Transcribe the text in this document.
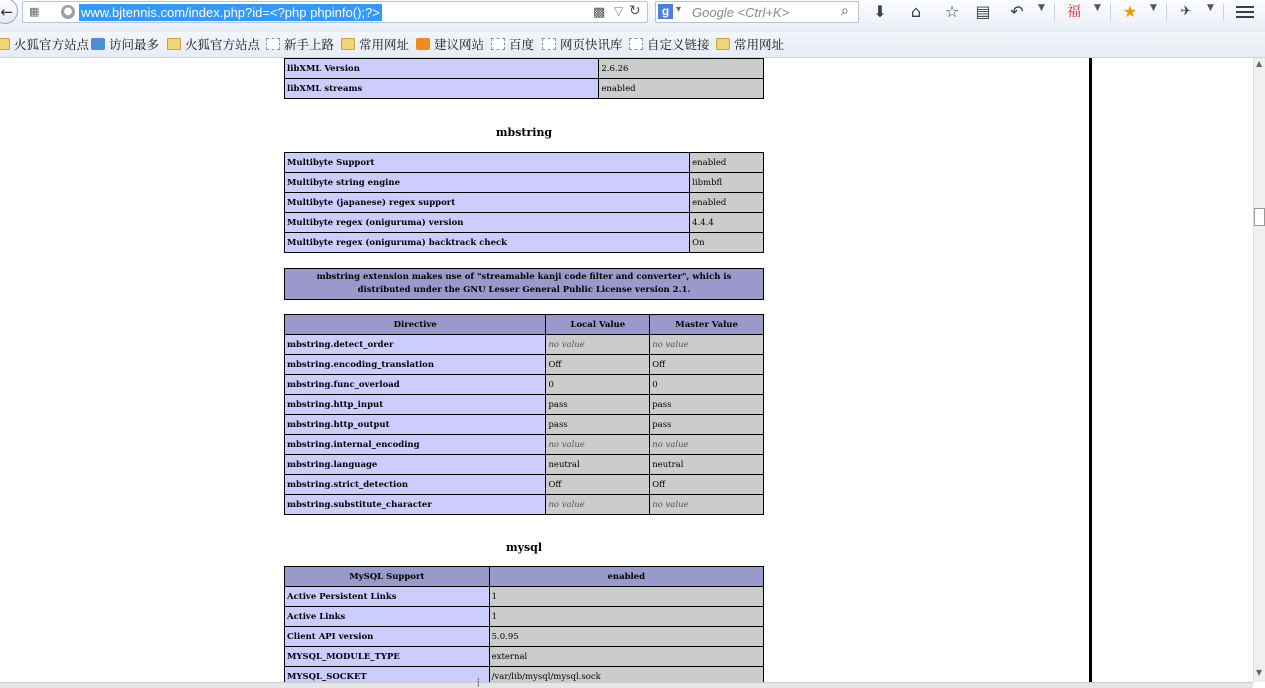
←	▦ ● www.bjtennis.com/index.php?id=<?php phpinfo();?>	▩ ▽ ↻	g ▾ Google <Ctrl+K>	⌕ ⬇	⌂	☆ ▤ ↶	▼ 福	▼ ★	▼	✈	▼
火狐官方站点	访问最多	火狐官方站点	新手上路	常用网址	建议网站	百度	网页快讯库	自定义链接	常用网址
libXML Version	2.6.26
libXML streams	enabled
mbstring
Multibyte Support	enabled
Multibyte string engine	libmbfl
Multibyte (japanese) regex support	enabled
Multibyte regex (oniguruma) version	4.4.4
Multibyte regex (oniguruma) backtrack check	On
mbstring extension makes use of "streamable kanji code filter and converter", which is
distributed under the GNU Lesser General Public License version 2.1.
Directive	Local Value	Master Value
mbstring.detect_order	no value	no value
mbstring.encoding_translation	Off	Off
mbstring.func_overload	0	0
mbstring.http_input	pass	pass
mbstring.http_output	pass	pass
mbstring.internal_encoding	no value	no value
mbstring.language	neutral	neutral
mbstring.strict_detection	Off	Off
mbstring.substitute_character	no value	no value
mysql
MySQL Support	enabled
Active Persistent Links	1
Active Links	1
Client API version	5.0.95
MYSQL_MODULE_TYPE	external
MYSQL_SOCKET	/var/lib/mysql/mysql.sock
▲
▼
┇
